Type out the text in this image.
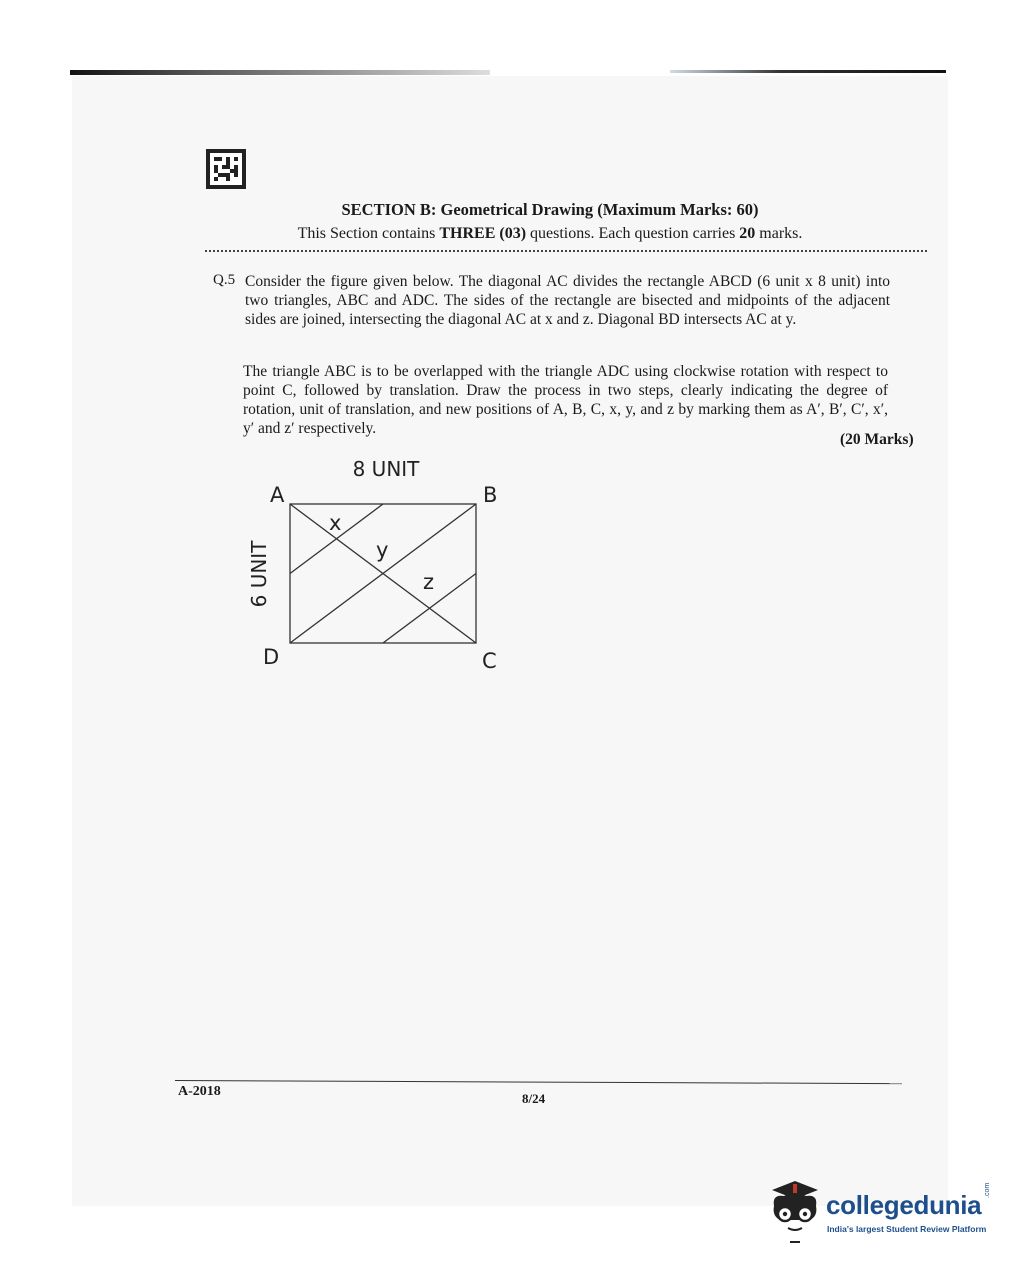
SECTION B: Geometrical Drawing (Maximum Marks: 60)
This Section contains THREE (03) questions. Each question carries 20 marks.
Q.5 Consider the figure given below. The diagonal AC divides the rectangle ABCD (6 unit x 8 unit) into two triangles, ABC and ADC. The sides of the rectangle are bisected and midpoints of the adjacent sides are joined, intersecting the diagonal AC at x and z. Diagonal BD intersects AC at y.

The triangle ABC is to be overlapped with the triangle ADC using clockwise rotation with respect to point C, followed by translation. Draw the process in two steps, clearly indicating the degree of rotation, unit of translation, and new positions of A, B, C, x, y, and z by marking them as A′, B′, C′, x′, y′ and z′ respectively.

(20 Marks)
8 UNIT
6 UNIT
A	B
C
D
x
y
z
A-2018	8/24
collegedunia .com
India's largest Student Review Platform
